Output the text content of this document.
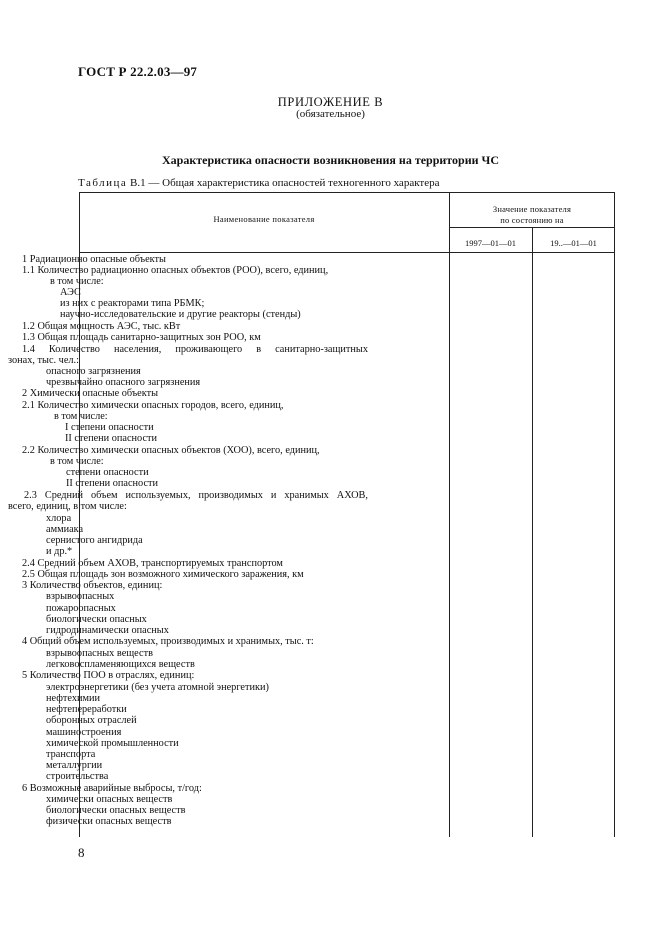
ГОСТ Р 22.2.03—97
ПРИЛОЖЕНИЕ В
(обязательное)
Характеристика опасности возникновения на территории ЧС
Таблица В.1 — Общая характеристика опасностей техногенного характера
Наименование показателя
Значение показателя
по состоянию на
1997—01—01	19..—01—01
1 Радиационно опасные объекты
1.1 Количество радиационно опасных объектов (РОО), всего, единиц,
в том числе:
АЭС
из них с реакторами типа РБМК;
научно-исследовательские и другие реакторы (стенды)
1.2 Общая мощность АЭС, тыс. кВт
1.3 Общая площадь санитарно-защитных зон РОО, км
1.4 Количество населения, проживающего в санитарно-защитных
зонах, тыс. чел.:
опасного загрязнения
чрезвычайно опасного загрязнения
2 Химически опасные объекты
2.1 Количество химически опасных городов, всего, единиц,
в том числе:
I степени опасности
II степени опасности
2.2 Количество химически опасных объектов (ХОО), всего, единиц,
в том числе:
степени опасности
II степени опасности
2.3 Средний объем используемых, производимых и хранимых АХОВ,
всего, единиц, в том числе:
хлора
аммиака
сернистого ангидрида
и др.*
2.4 Средний объем АХОВ, транспортируемых транспортом
2.5 Общая площадь зон возможного химического заражения, км
3 Количество объектов, единиц:
взрывоопасных
пожароопасных
биологически опасных
гидродинамически опасных
4 Общий объем используемых, производимых и хранимых, тыс. т:
взрывоопасных веществ
легковоспламеняющихся веществ
5 Количество ПОО в отраслях, единиц:
электроэнергетики (без учета атомной энергетики)
нефтехимии
нефтепереработки
оборонных отраслей
машиностроения
химической промышленности
транспорта
металлургии
строительства
6 Возможные аварийные выбросы, т/год:
химически опасных веществ
биологически опасных веществ
физически опасных веществ
8
